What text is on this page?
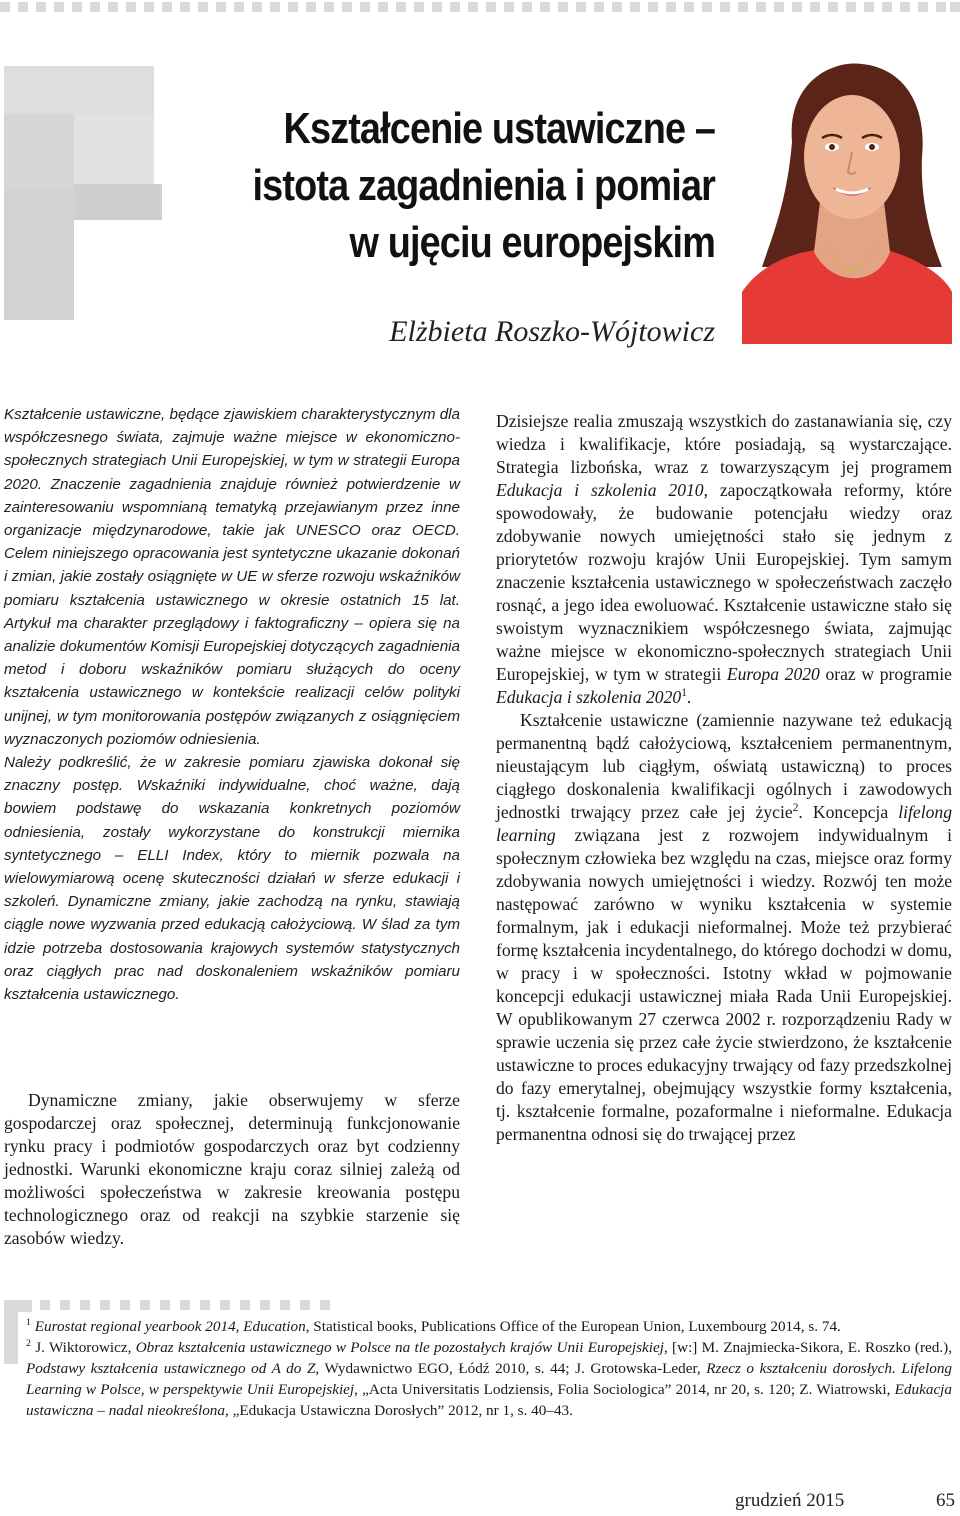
Kształcenie ustawiczne – istota zagadnienia i pomiar w ujęciu europejskim
Elżbieta Roszko-Wójtowicz

Kształcenie ustawiczne, będące zjawiskiem charakterystycznym dla współczesnego świata, zajmuje ważne miejsce w ekonomiczno-społecznych strategiach Unii Europejskiej, w tym w strategii Europa 2020. Znaczenie zagadnienia znajduje również potwierdzenie w zainteresowaniu wspomnianą tematyką przejawianym przez inne organizacje międzynarodowe, takie jak UNESCO oraz OECD. Celem niniejszego opracowania jest syntetyczne ukazanie dokonań i zmian, jakie zostały osiągnięte w UE w sferze rozwoju wskaźników pomiaru kształcenia ustawicznego w okresie ostatnich 15 lat. Artykuł ma charakter przeglądowy i faktograficzny – opiera się na analizie dokumentów Komisji Europejskiej dotyczących zagadnienia metod i doboru wskaźników pomiaru służących do oceny kształcenia ustawicznego w kontekście realizacji celów polityki unijnej, w tym monitorowania postępów związanych z osiągnięciem wyznaczonych poziomów odniesienia.

Należy podkreślić, że w zakresie pomiaru zjawiska dokonał się znaczny postęp. Wskaźniki indywidualne, choć ważne, dają bowiem podstawę do wskazania konkretnych poziomów odniesienia, zostały wykorzystane do konstrukcji miernika syntetycznego – ELLI Index, który to miernik pozwala na wielowymiarową ocenę skuteczności działań w sferze edukacji i szkoleń. Dynamiczne zmiany, jakie zachodzą na rynku, stawiają ciągle nowe wyzwania przed edukacją całożyciową. W ślad za tym idzie potrzeba dostosowania krajowych systemów statystycznych oraz ciągłych prac nad doskonaleniem wskaźników pomiaru kształcenia ustawicznego.

Dynamiczne zmiany, jakie obserwujemy w sferze gospodarczej oraz społecznej, determinują funkcjonowanie rynku pracy i podmiotów gospodarczych oraz byt codzienny jednostki. Warunki ekonomiczne kraju coraz silniej zależą od możliwości społeczeństwa w zakresie kreowania postępu technologicznego oraz od reakcji na szybkie starzenie się zasobów wiedzy.

Dzisiejsze realia zmuszają wszystkich do zastanawiania się, czy wiedza i kwalifikacje, które posiadają, są wystarczające. Strategia lizbońska, wraz z towarzyszącym jej programem Edukacja i szkolenia 2010, zapoczątkowała reformy, które spowodowały, że budowanie potencjału wiedzy oraz zdobywanie nowych umiejętności stało się jednym z priorytetów rozwoju krajów Unii Europejskiej. Tym samym znaczenie kształcenia ustawicznego w społeczeństwach zaczęło rosnąć, a jego idea ewoluować. Kształcenie ustawiczne stało się swoistym wyznacznikiem współczesnego świata, zajmując ważne miejsce w ekonomiczno-społecznych strategiach Unii Europejskiej, w tym w strategii Europa 2020 oraz w programie Edukacja i szkolenia 2020$^1$.

Kształcenie ustawiczne (zamiennie nazywane też edukacją permanentną bądź całożyciową, kształceniem permanentnym, nieustającym lub ciągłym, oświatą ustawiczną) to proces ciągłego doskonalenia kwalifikacji ogólnych i zawodowych jednostki trwający przez całe jej życie$^2$. Koncepcja lifelong learning związana jest z rozwojem indywidualnym i społecznym człowieka bez względu na czas, miejsce oraz formy zdobywania nowych umiejętności i wiedzy. Rozwój ten może następować zarówno w wyniku kształcenia w systemie formalnym, jak i edukacji nieformalnej. Może też przybierać formę kształcenia incydentalnego, do którego dochodzi w domu, w pracy i w społeczności. Istotny wkład w pojmowanie koncepcji edukacji ustawicznej miała Rada Unii Europejskiej. W opublikowanym 27 czerwca 2002 r. rozporządzeniu Rady w sprawie uczenia się przez całe życie stwierdzono, że kształcenie ustawiczne to proces edukacyjny trwający od fazy przedszkolnej do fazy emerytalnej, obejmujący wszystkie formy kształcenia, tj. kształcenie formalne, pozaformalne i nieformalne. Edukacja permanentna odnosi się do trwającej przez

$^1$ Eurostat regional yearbook 2014, Education, Statistical books, Publications Office of the European Union, Luxembourg 2014, s. 74.

$^2$ J. Wiktorowicz, Obraz kształcenia ustawicznego w Polsce na tle pozostałych krajów Unii Europejskiej, [w:] M. Znajmiecka-Sikora, E. Roszko (red.), Podstawy kształcenia ustawicznego od A do Z, Wydawnictwo EGO, Łódź 2010, s. 44; J. Grotowska-Leder, Rzecz o kształceniu dorosłych. Lifelong Learning w Polsce, w perspektywie Unii Europejskiej, „Acta Universitatis Lodziensis, Folia Sociologica” 2014, nr 20, s. 120; Z. Wiatrowski, Edukacja ustawiczna – nadal nieokreślona, „Edukacja Ustawiczna Dorosłych” 2012, nr 1, s. 40–43.

grudzień 2015	65
